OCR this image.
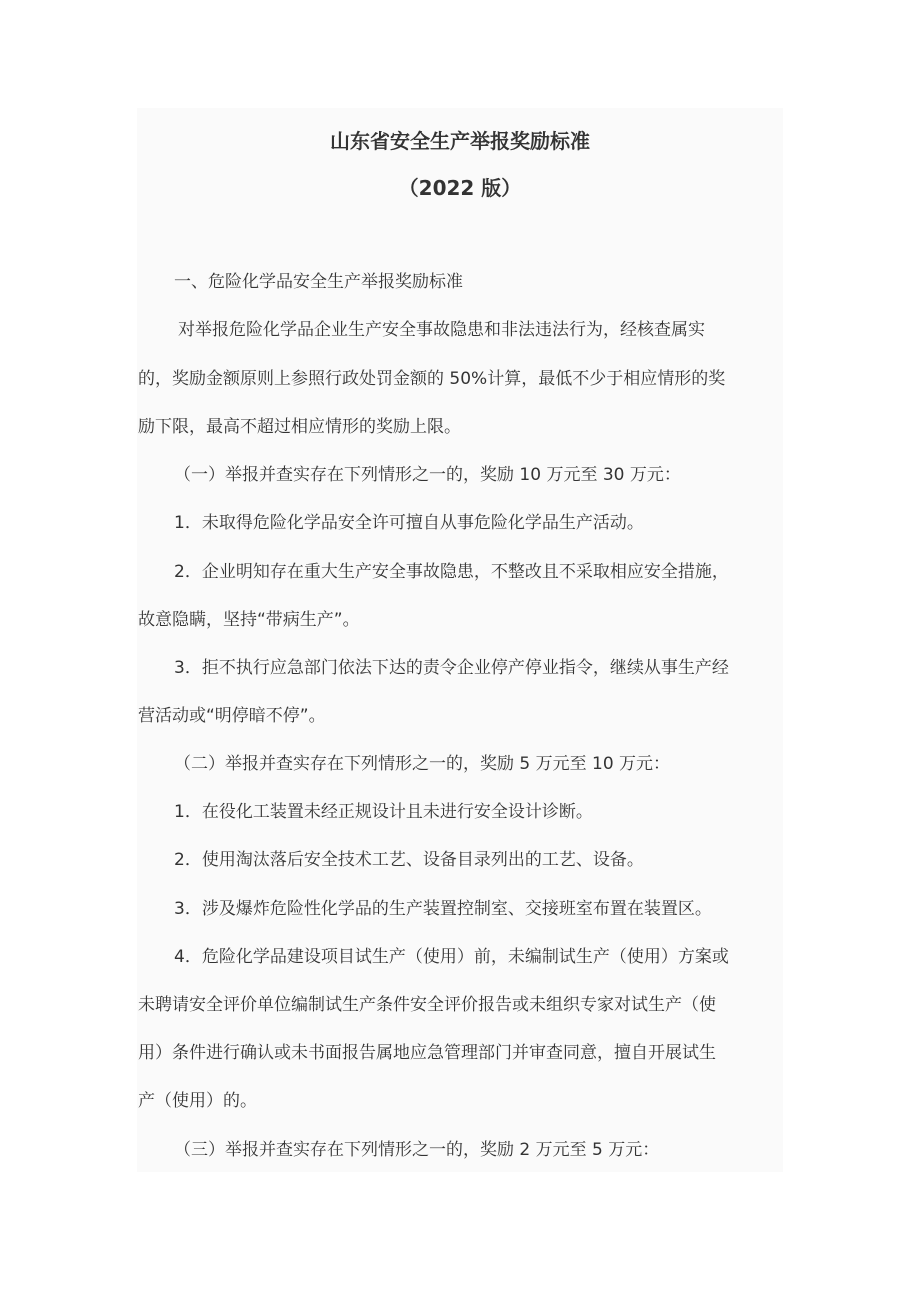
山东省安全生产举报奖励标准
（2022 版）
一、危险化学品安全生产举报奖励标准
对举报危险化学品企业生产安全事故隐患和非法违法行为，经核查属实
的，奖励金额原则上参照行政处罚金额的 50%计算，最低不少于相应情形的奖
励下限，最高不超过相应情形的奖励上限。
（一）举报并查实存在下列情形之一的，奖励 10 万元至 30 万元：
1．未取得危险化学品安全许可擅自从事危险化学品生产活动。
2．企业明知存在重大生产安全事故隐患，不整改且不采取相应安全措施，
故意隐瞒，坚持“带病生产”。
3．拒不执行应急部门依法下达的责令企业停产停业指令，继续从事生产经
营活动或“明停暗不停”。
（二）举报并查实存在下列情形之一的，奖励 5 万元至 10 万元：
1．在役化工装置未经正规设计且未进行安全设计诊断。
2．使用淘汰落后安全技术工艺、设备目录列出的工艺、设备。
3．涉及爆炸危险性化学品的生产装置控制室、交接班室布置在装置区。
4．危险化学品建设项目试生产（使用）前，未编制试生产（使用）方案或
未聘请安全评价单位编制试生产条件安全评价报告或未组织专家对试生产（使
用）条件进行确认或未书面报告属地应急管理部门并审查同意，擅自开展试生
产（使用）的。
（三）举报并查实存在下列情形之一的，奖励 2 万元至 5 万元：
